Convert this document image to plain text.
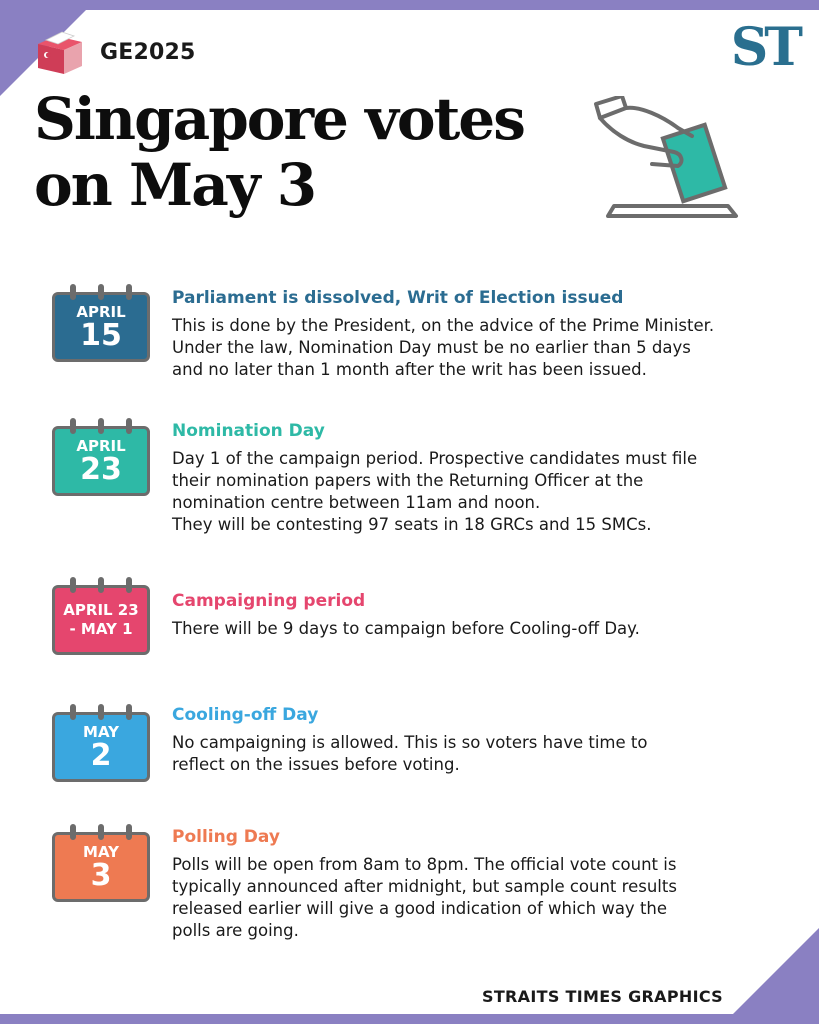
GE2025	ST
Singapore votes
on May 3
APRIL
15

Parliament is dissolved, Writ of Election issued

This is done by the President, on the advice of the Prime Minister.
Under the law, Nomination Day must be no earlier than 5 days
and no later than 1 month after the writ has been issued.

APRIL
23

Nomination Day

Day 1 of the campaign period. Prospective candidates must file
their nomination papers with the Returning Officer at the
nomination centre between 11am and noon.
They will be contesting 97 seats in 18 GRCs and 15 SMCs.

APRIL 23
- MAY 1

Campaigning period

There will be 9 days to campaign before Cooling-off Day.

MAY
2

Cooling-off Day

No campaigning is allowed. This is so voters have time to
reflect on the issues before voting.

MAY
3

Polling Day

Polls will be open from 8am to 8pm. The official vote count is
typically announced after midnight, but sample count results
released earlier will give a good indication of which way the
polls are going.

STRAITS TIMES GRAPHICS
